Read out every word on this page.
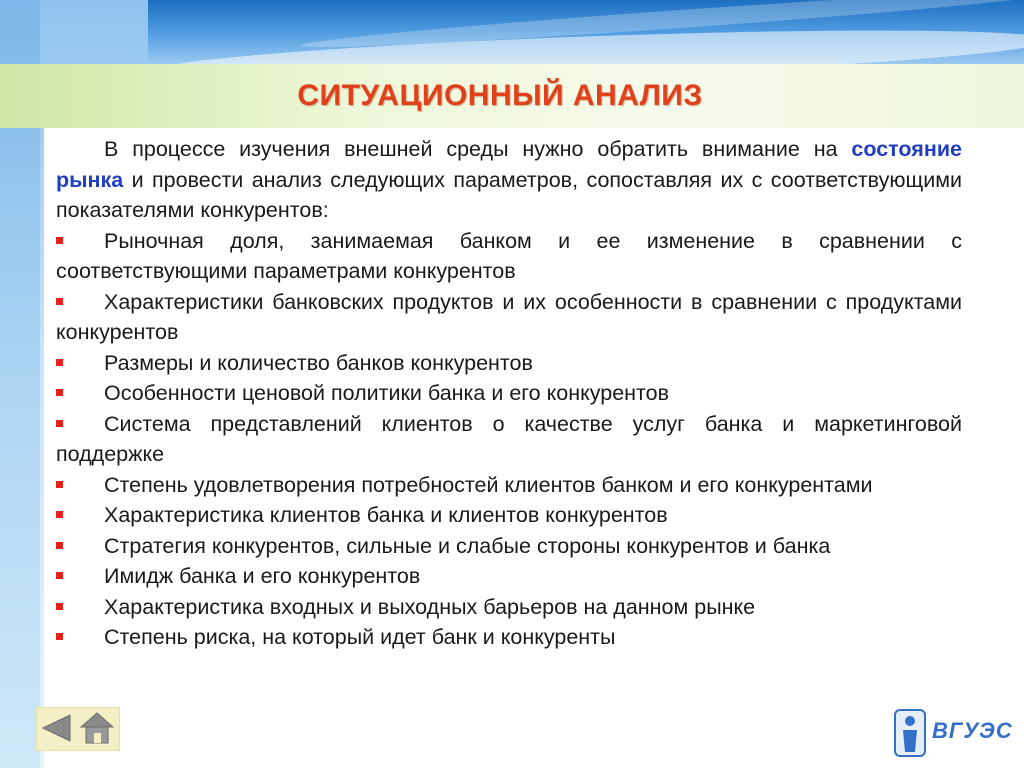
СИТУАЦИОННЫЙ АНАЛИЗ

В процессе изучения внешней среды нужно обратить внимание на состояние рынка и провести анализ следующих параметров, сопоставляя их с соответствующими показателями конкурентов:

Рыночная доля, занимаемая банком и ее изменение в сравнении с соответствующими параметрами конкурентов
Характеристики банковских продуктов и их особенности в сравнении с продуктами конкурентов
Размеры и количество банков конкурентов
Особенности ценовой политики банка и его конкурентов
Система представлений клиентов о качестве услуг банка и маркетинговой поддержке
Степень удовлетворения потребностей клиентов банком и его конкурентами
Характеристика клиентов банка и клиентов конкурентов
Стратегия конкурентов, сильные и слабые стороны конкурентов и банка
Имидж банка и его конкурентов
Характеристика входных и выходных барьеров на данном рынке
Степень риска, на который идет банк и конкуренты
ВГУЭС
